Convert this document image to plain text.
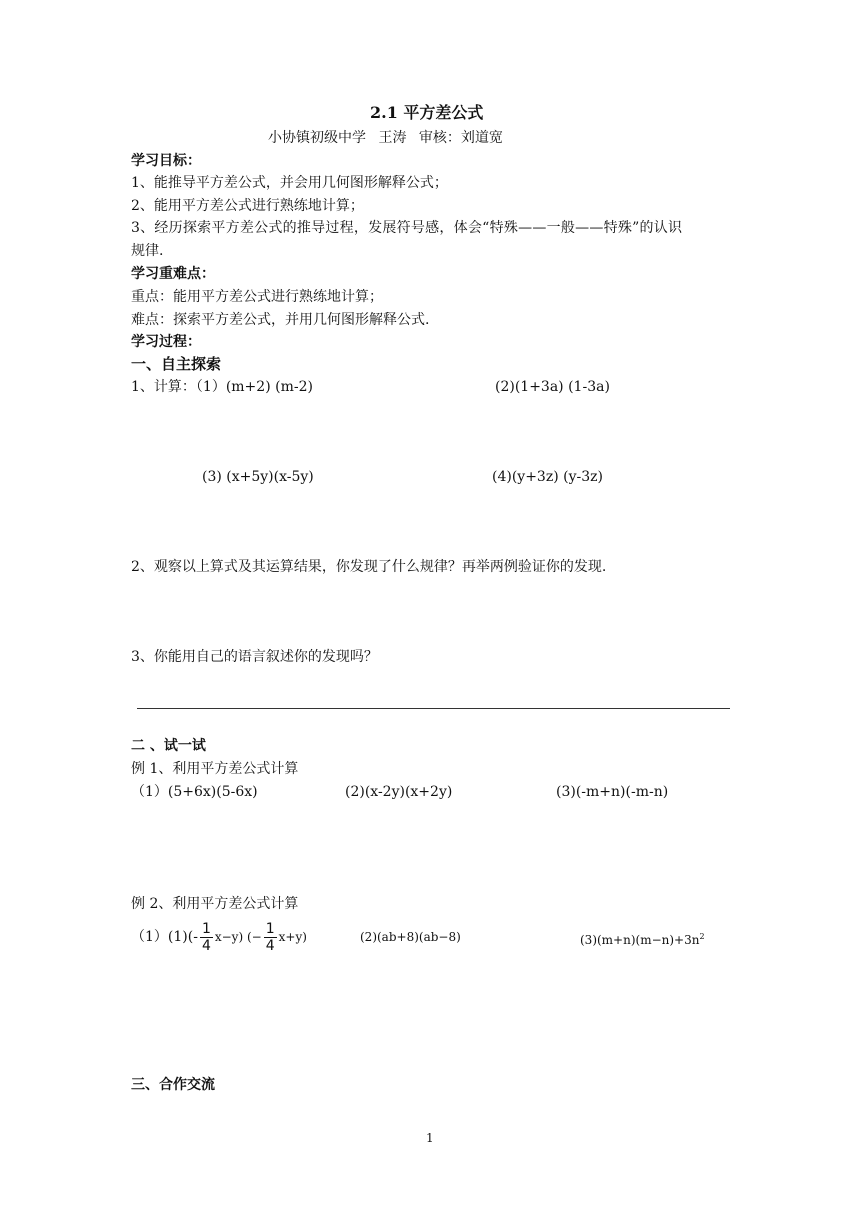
2.1 平方差公式
小协镇初级中学 王涛 审核：刘道宽
学习目标：
1、能推导平方差公式，并会用几何图形解释公式；
2、能用平方差公式进行熟练地计算；
3、经历探索平方差公式的推导过程，发展符号感，体会“特殊——一般——特殊”的认识
规律.
学习重难点：
重点：能用平方差公式进行熟练地计算；
难点：探索平方差公式，并用几何图形解释公式.
学习过程：
一、自主探索
1、计算：（1）(m+2) (m-2)	(2)(1+3a) (1-3a)
(3) (x+5y)(x-5y)	(4)(y+3z) (y-3z)
2、观察以上算式及其运算结果，你发现了什么规律？再举两例验证你的发现.
3、你能用自己的语言叙述你的发现吗？
二 、试一试
例 1、利用平方差公式计算
（1）(5+6x)(5-6x)	(2)(x-2y)(x+2y)	(3)(-m+n)(-m-n)
例 2、利用平方差公式计算
$(1)(1)(- \frac{1}{4} x-y)$ (− $\frac{1}{4} x+y$)	(2)(ab+8)(ab−8)	$(3)(m+n)(m-n)+3n^2$
三、合作交流
1
